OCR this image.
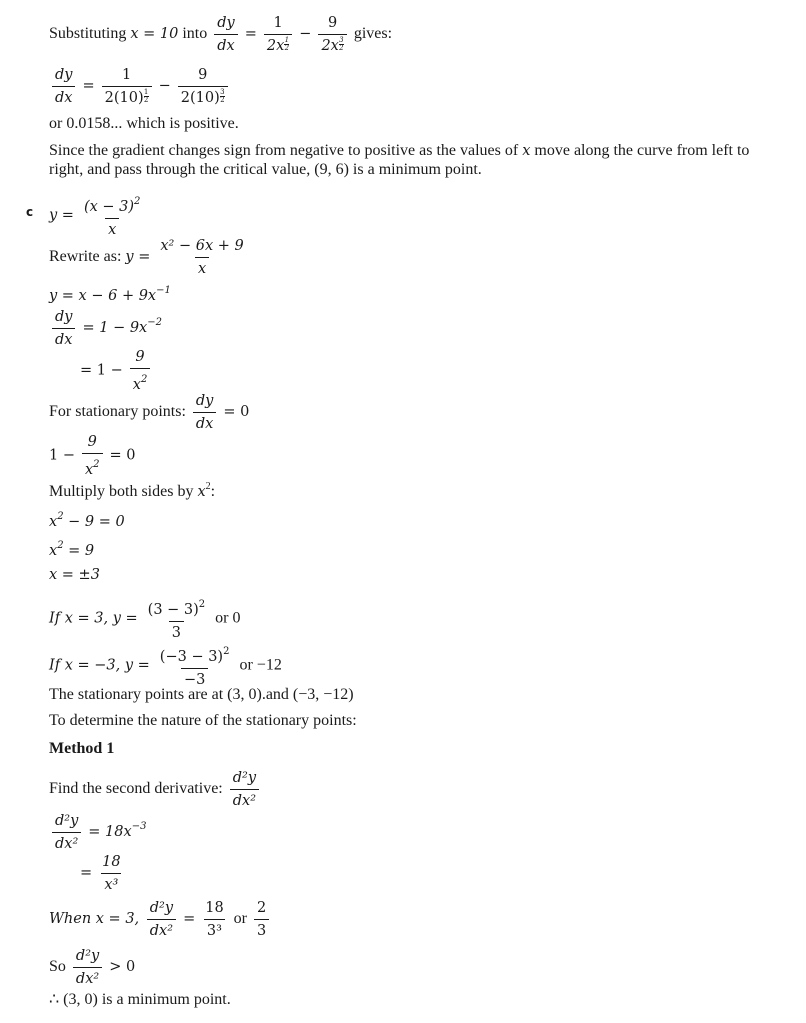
Substituting x = 10 into $\frac{dy}{dx} = 1$
2x $^{\frac{1}{2}}$ − 9
2x $^{\frac{3}{2}}$ gives:
$\frac{dy}{dx} = 1$
2(10) $^{\frac{1}{2}}$ − 9
2(10) $^{\frac{3}{2}}$
or 0.0158... which is positive.
Since the gradient changes sign from negative to positive as the values of x move along the curve from left to
right, and pass through the critical value, (9, 6) is a minimum point.
c $y = \frac{(x - 3)^2}{x}$
Rewrite as: $y = \frac{\text{x² − 6x + 9}}{x}$
$y = x - 6 + 9x^{-1}$
$\frac{dy}{dx} = 1 - 9x^{-2}$
= $1 - \frac{9}{x^2}$
For stationary points: $\frac{dy}{dx} = 0$
$1 - \frac{9}{x^2} = 0$
Multiply both sides by $x^2$:
$x^2 - 9 = 0$
$x^2 = 9$
x = ±3
If x = 3, $y = \frac{(3 - 3)^2}{3}$ or 0
If x = −3, $y = \frac{(-3 - 3)^2}{-3}$ or −12
The stationary points are at (3, 0).and (−3, −12)
To determine the nature of the stationary points:
Method 1
Find the second derivative: $\frac{\text{d²y}}{\text{dx²}}$
$\frac{\text{d²y}}{\text{dx²}} = 18x^{-3}$
= $\frac{18}{\text{x³}}$
When x = 3, $\frac{\text{d²y}}{\text{dx²}} = \frac{18}{\text{3³}}$ or $\frac{2}{3}$
So $\frac{\text{d²y}}{\text{dx²}} > 0$
∴ (3, 0) is a minimum point.
